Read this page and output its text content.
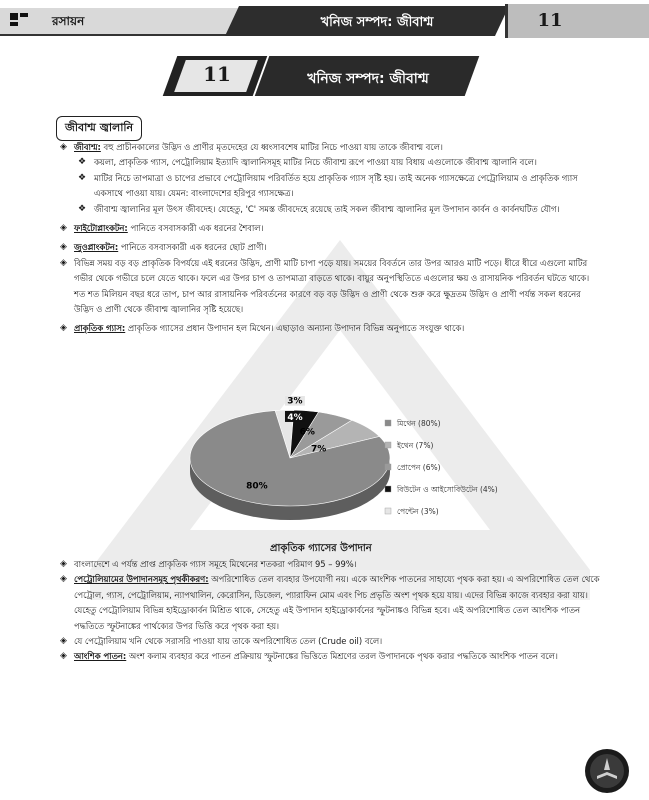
রসায়ন	খনিজ সম্পদ: জীবাশ্ম	11
11	খনিজ সম্পদ: জীবাশ্ম
জীবাশ্ম জ্বালানি
◈ জীবাশ্ম: বহু প্রাচীনকালের উদ্ভিদ ও প্রাণীর মৃতদেহের যে ধ্বংসাবশেষ মাটির নিচে পাওয়া যায় তাকে জীবাশ্ম বলে।
❖ কয়লা, প্রাকৃতিক গ্যাস, পেট্রোলিয়াম ইত্যাদি জ্বালানিসমূহ মাটির নিচে জীবাশ্ম রূপে পাওয়া যায় বিধায় এগুলোকে জীবাশ্ম জ্বালানি বলে।
❖ মাটির নিচে তাপমাত্রা ও চাপের প্রভাবে পেট্রোলিয়াম পরিবর্তিত হয়ে প্রাকৃতিক গ্যাস সৃষ্টি হয়। তাই অনেক গ্যাসক্ষেত্রে পেট্রোলিয়াম ও প্রাকৃতিক গ্যাস একসাথে পাওয়া যায়। যেমন: বাংলাদেশের হরিপুর গ্যাসক্ষেত্র।
❖ জীবাশ্ম জ্বালানির মূল উৎস জীবদেহ। যেহেতু, 'C' সমস্ত জীবদেহে রয়েছে তাই সকল জীবাশ্ম জ্বালানির মূল উপাদান কার্বন ও কার্বনঘটিত যৌগ।
◈ ফাইটোপ্লাংকটন: পানিতে বসবাসকারী এক ধরনের শৈবাল।
◈ জুওপ্লাংকটন: পানিতে বসবাসকারী এক ধরনের ছোট প্রাণী।
◈ বিভিন্ন সময় বড় বড় প্রাকৃতিক বিপর্যয়ে এই ধরনের উদ্ভিদ, প্রাণী মাটি চাপা পড়ে যায়। সময়ের বিবর্তনে তার উপর আরও মাটি পড়ে। ধীরে ধীরে এগুলো মাটির গভীর থেকে গভীরে চলে যেতে থাকে। ফলে এর উপর চাপ ও তাপমাত্রা বাড়তে থাকে। বায়ুর অনুপস্থিতিতে এগুলোর ক্ষয় ও রাসায়নিক পরিবর্তন ঘটতে থাকে। শত শত মিলিয়ন বছর ধরে তাপ, চাপ আর রাসায়নিক পরিবর্তনের কারণে বড় বড় উদ্ভিদ ও প্রাণী থেকে শুরু করে ক্ষুদ্রতম উদ্ভিদ ও প্রাণী পর্যন্ত সকল ধরনের উদ্ভিদ ও প্রাণী থেকে জীবাশ্ম জ্বালানির সৃষ্টি হয়েছে।
◈ প্রাকৃতিক গ্যাস: প্রাকৃতিক গ্যাসের প্রধান উপাদান হল মিথেন। এছাড়াও অন্যান্য উপাদান বিভিন্ন অনুপাতে সংযুক্ত থাকে।
3%
4%
6%
7%
80%
মিথেন (80%)
ইথেন (7%)
প্রোপেন (6%)
বিউটেন ও আইসোবিউটেন (4%)
পেন্টেন (3%)
প্রাকৃতিক গ্যাসের উপাদান
◈ বাংলাদেশে এ পর্যন্ত প্রাপ্ত প্রাকৃতিক গ্যাস সমূহে মিথেনের শতকরা পরিমাণ 95 – 99%।
◈ পেট্রোলিয়ামের উপাদানসমূহ পৃথকীকরণ: অপরিশোধিত তেল ব্যবহার উপযোগী নয়। একে আংশিক পাতনের সাহায্যে পৃথক করা হয়। এ অপরিশোধিত তেল থেকে পেট্রোল, গ্যাস, পেট্রোলিয়াম, ন্যাপথালিন, কেরোসিন, ডিজেল, প্যারাফিন মোম এবং পিচ প্রভৃতি অংশ পৃথক হয়ে যায়। এদের বিভিন্ন কাজে ব্যবহার করা যায়। যেহেতু পেট্রোলিয়াম বিভিন্ন হাইড্রোকার্বন মিশ্রিত থাকে, সেহেতু এই উপাদান হাইড্রোকার্বনের স্ফুটনাঙ্কও বিভিন্ন হবে। এই অপরিশোধিত তেল আংশিক পাতন পদ্ধতিতে স্ফুটনাঙ্কের পার্থক্যের উপর ভিত্তি করে পৃথক করা হয়।
◈ যে পেট্রোলিয়াম খনি থেকে সরাসরি পাওয়া যায় তাকে অপরিশোধিত তেল (Crude oil) বলে।
◈ আংশিক পাতন: অংশ কলাম ব্যবহার করে পাতন প্রক্রিয়ায় স্ফুটনাঙ্কের ভিত্তিতে মিশ্রণের তরল উপাদানকে পৃথক করার পদ্ধতিকে আংশিক পাতন বলে।
